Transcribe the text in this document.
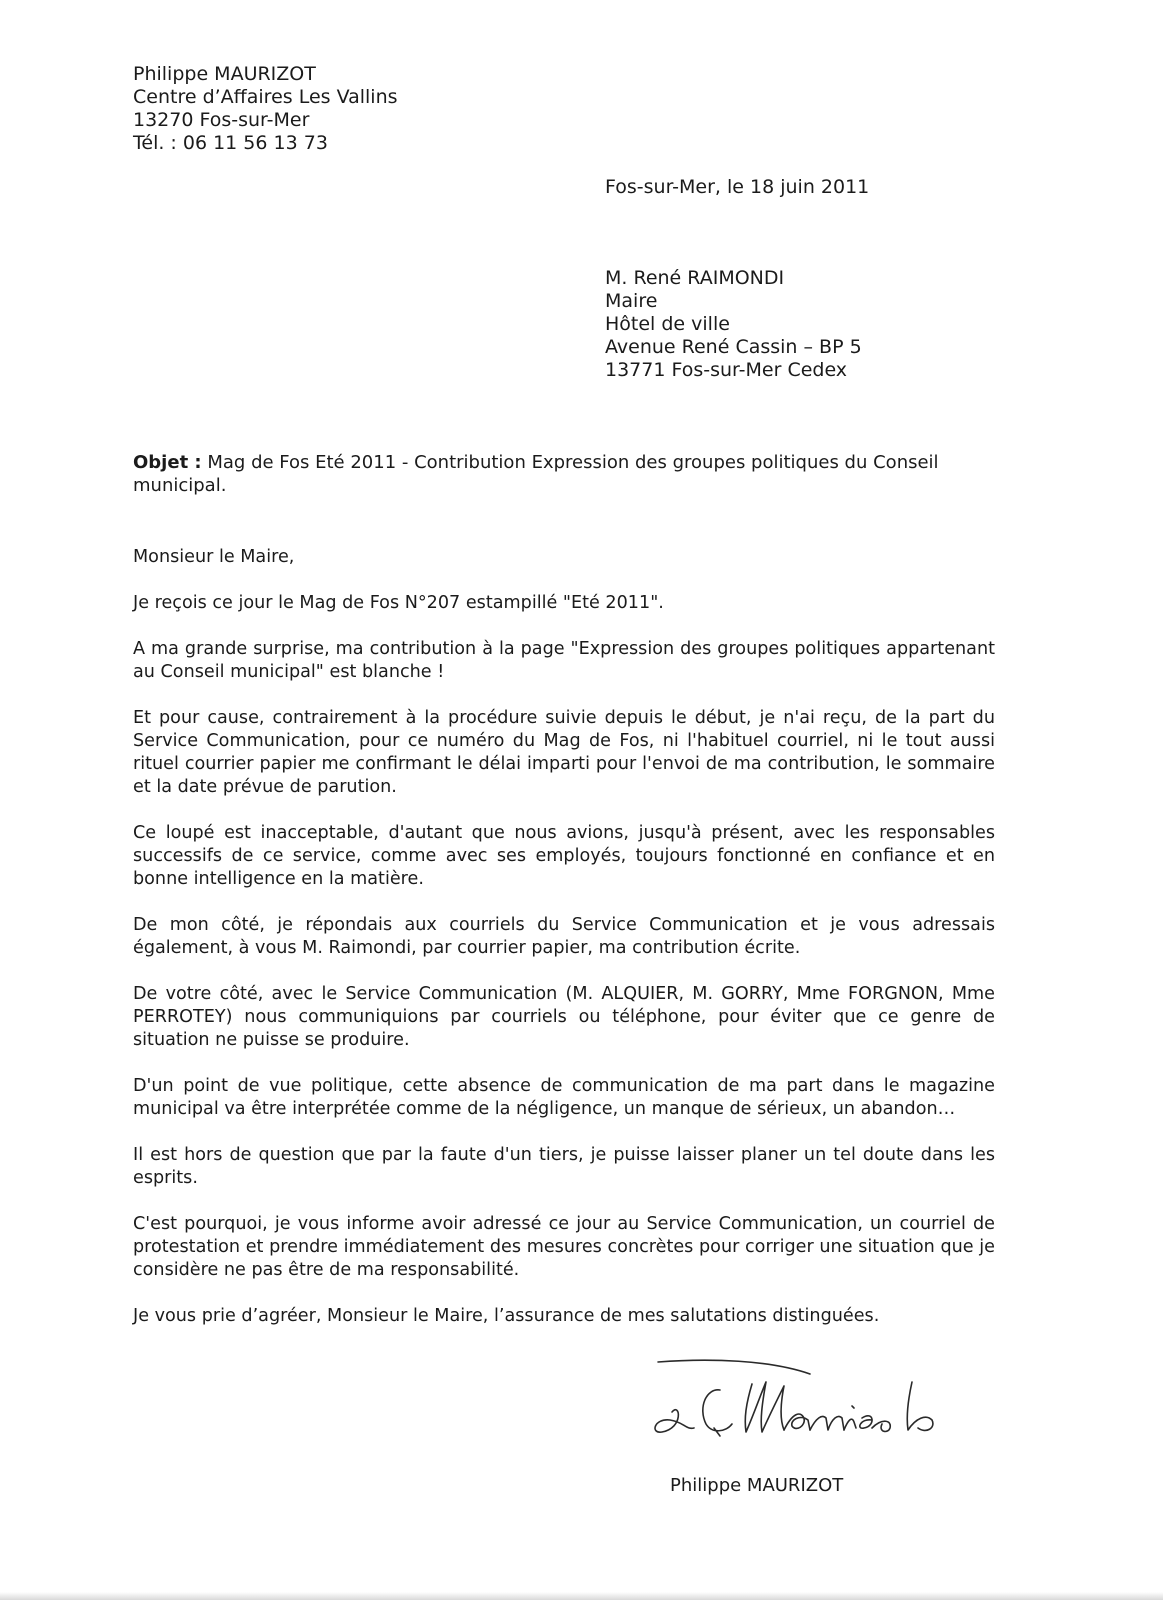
Philippe MAURIZOT
Centre d’Affaires Les Vallins
13270 Fos-sur-Mer
Tél. : 06 11 56 13 73
Fos-sur-Mer, le 18 juin 2011
M. René RAIMONDI
Maire
Hôtel de ville
Avenue René Cassin – BP 5
13771 Fos-sur-Mer Cedex
Objet : Mag de Fos Eté 2011 - Contribution Expression des groupes politiques du Conseil municipal.

Monsieur le Maire,

Je reçois ce jour le Mag de Fos N°207 estampillé "Eté 2011".

A ma grande surprise, ma contribution à la page "Expression des groupes politiques appartenant au Conseil municipal" est blanche !

Et pour cause, contrairement à la procédure suivie depuis le début, je n'ai reçu, de la part du Service Communication, pour ce numéro du Mag de Fos, ni l'habituel courriel, ni le tout aussi rituel courrier papier me confirmant le délai imparti pour l'envoi de ma contribution, le sommaire et la date prévue de parution.

Ce loupé est inacceptable, d'autant que nous avions, jusqu'à présent, avec les responsables successifs de ce service, comme avec ses employés, toujours fonctionné en confiance et en bonne intelligence en la matière.

De mon côté, je répondais aux courriels du Service Communication et je vous adressais également, à vous M. Raimondi, par courrier papier, ma contribution écrite.

De votre côté, avec le Service Communication (M. ALQUIER, M. GORRY, Mme FORGNON, Mme PERROTEY) nous communiquions par courriels ou téléphone, pour éviter que ce genre de situation ne puisse se produire.

D'un point de vue politique, cette absence de communication de ma part dans le magazine municipal va être interprétée comme de la négligence, un manque de sérieux, un abandon…

Il est hors de question que par la faute d'un tiers, je puisse laisser planer un tel doute dans les esprits.

C'est pourquoi, je vous informe avoir adressé ce jour au Service Communication, un courriel de protestation et prendre immédiatement des mesures concrètes pour corriger une situation que je considère ne pas être de ma responsabilité.

Je vous prie d’agréer, Monsieur le Maire, l’assurance de mes salutations distinguées.

Philippe MAURIZOT
